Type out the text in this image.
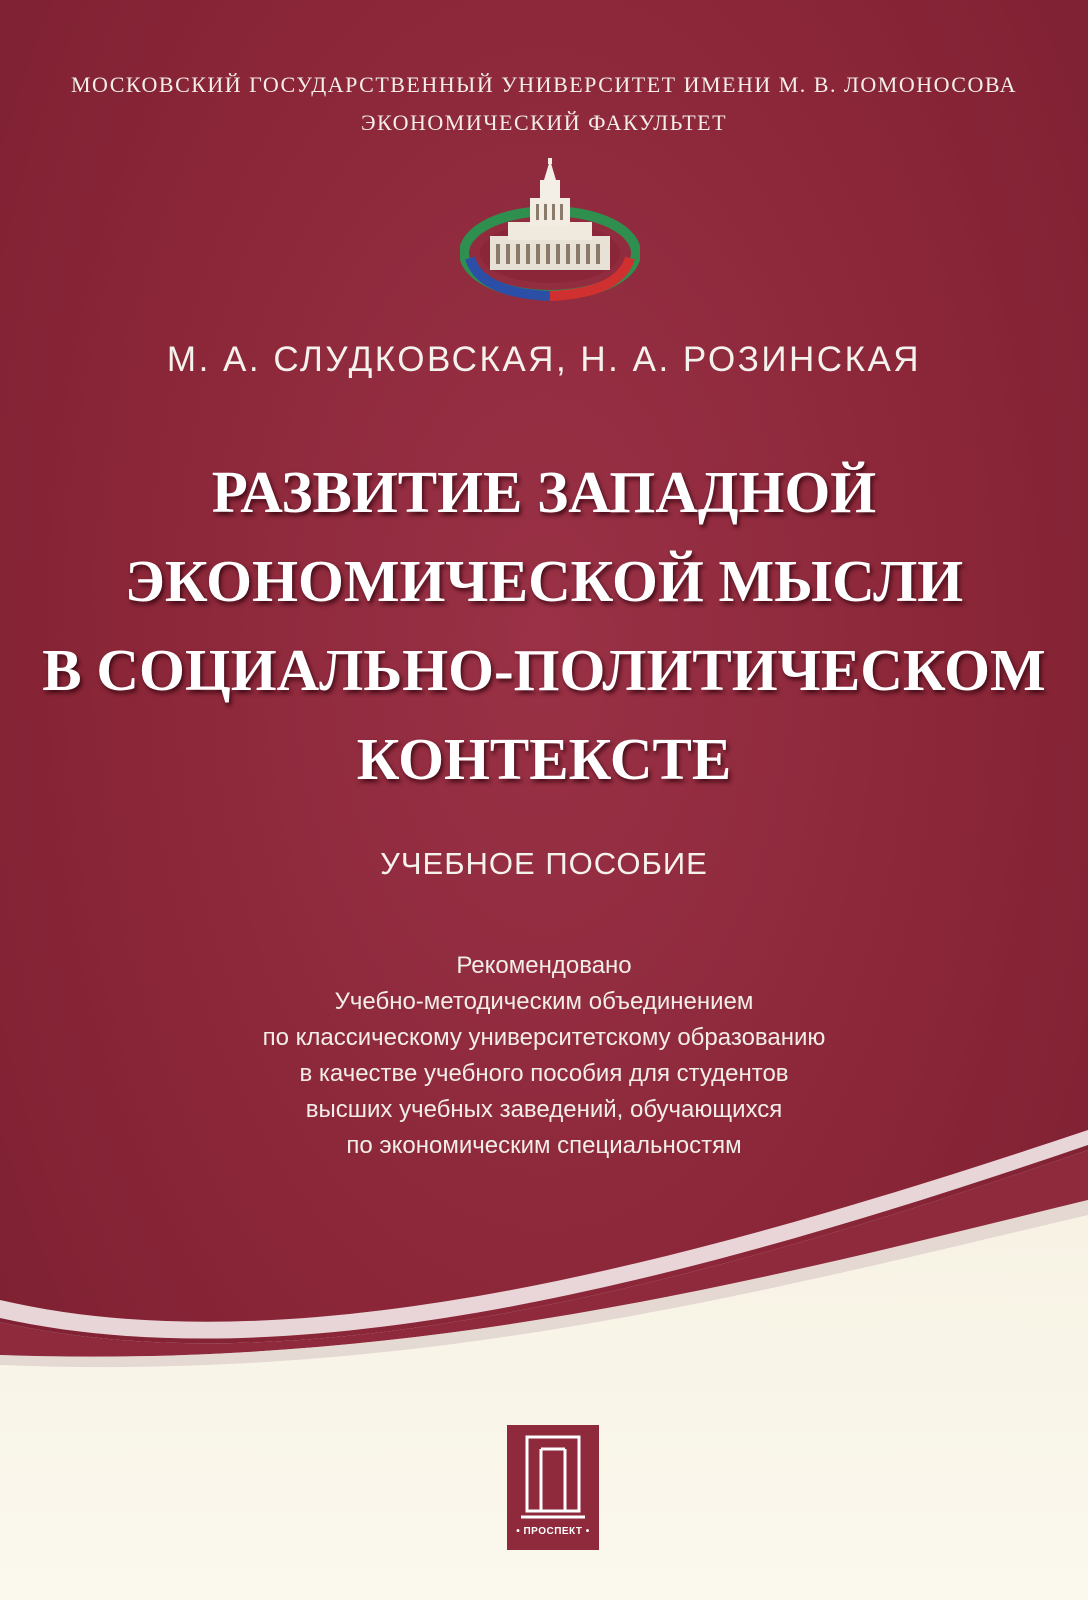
МОСКОВСКИЙ ГОСУДАРСТВЕННЫЙ УНИВЕРСИТЕТ ИМЕНИ М. В. ЛОМОНОСОВА
ЭКОНОМИЧЕСКИЙ ФАКУЛЬТЕТ
М. А. СЛУДКОВСКАЯ, Н. А. РОЗИНСКАЯ
РАЗВИТИЕ ЗАПАДНОЙ
ЭКОНОМИЧЕСКОЙ МЫСЛИ
В СОЦИАЛЬНО-ПОЛИТИЧЕСКОМ
КОНТЕКСТЕ
УЧЕБНОЕ ПОСОБИЕ
Рекомендовано
Учебно-методическим объединением
по классическому университетскому образованию
в качестве учебного пособия для студентов
высших учебных заведений, обучающихся
по экономическим специальностям
• ПРОСПЕКТ •
